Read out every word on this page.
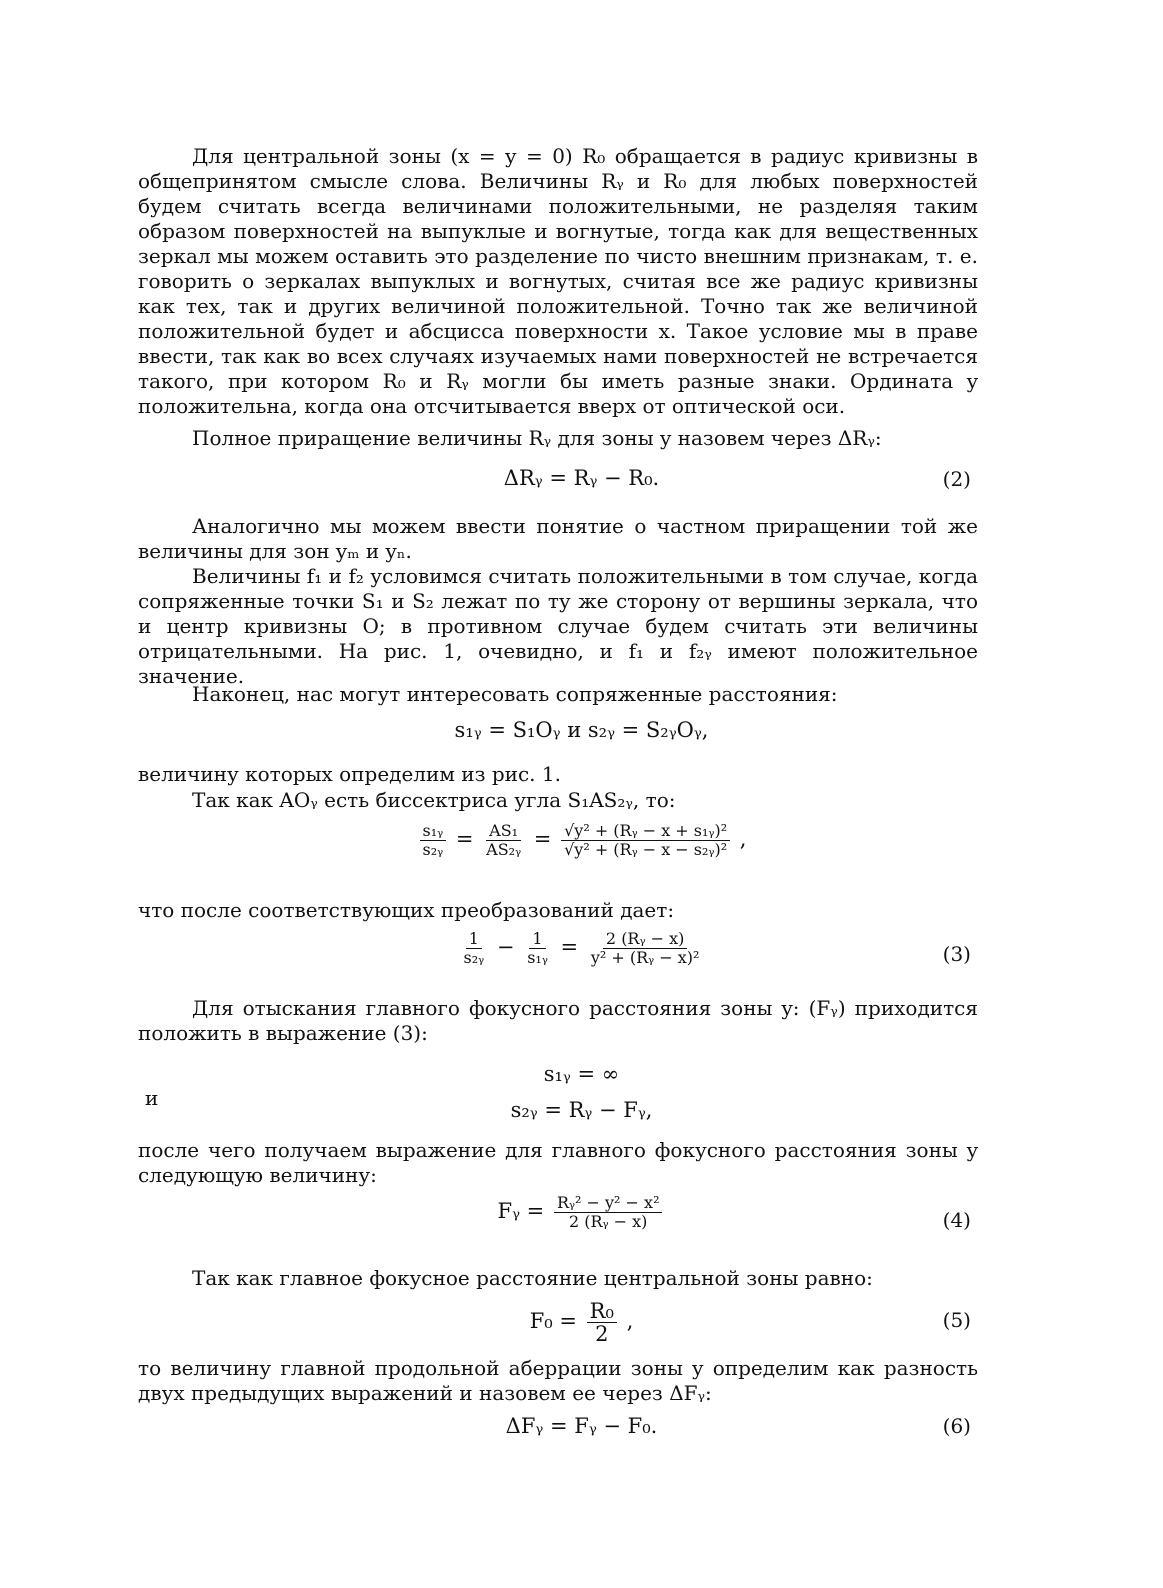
Для центральной зоны (x = y = 0) R₀ обращается в радиус кривизны в общепринятом смысле слова. Величины Rᵧ и R₀ для любых поверхностей будем считать всегда величинами положительными, не разделяя таким образом поверхностей на выпуклые и вогнутые, тогда как для вещественных зеркал мы можем оставить это разделение по чисто внешним признакам, т. е. говорить о зеркалах выпуклых и вогнутых, считая все же радиус кривизны как тех, так и других величиной положительной. Точно так же величиной положительной будет и абсцисса поверхности x. Такое условие мы в праве ввести, так как во всех случаях изучаемых нами поверхностей не встречается такого, при котором R₀ и Rᵧ могли бы иметь разные знаки. Ордината y положительна, когда она отсчитывается вверх от оптической оси.

Полное приращение величины Rᵧ для зоны y назовем через ΔRᵧ:

ΔRᵧ = Rᵧ − R₀.	(2)

Аналогично мы можем ввести понятие о частном приращении той же величины для зон yₘ и yₙ.

Величины f₁ и f₂ условимся считать положительными в том случае, когда сопряженные точки S₁ и S₂ лежат по ту же сторону от вершины зеркала, что и центр кривизны O; в противном случае будем считать эти величины отрицательными. На рис. 1, очевидно, и f₁ и f₂ᵧ имеют положительное значение.

Наконец, нас могут интересовать сопряженные расстояния:

s₁ᵧ = S₁Oᵧ и s₂ᵧ = S₂ᵧOᵧ,

величину которых определим из рис. 1.

Так как AOᵧ есть биссектриса угла S₁AS₂ᵧ, то:

$\frac{\text{s₁ᵧ}}{\text{s₂ᵧ}} = \frac{\text{AS₁}}{\text{AS₂ᵧ}} = \frac{\text{√y² + (Rᵧ − x + s₁ᵧ)²}}{\text{√y² + (Rᵧ − x − s₂ᵧ)²}}$ ,

что после соответствующих преобразований дает:

$\frac{1}{\text{s₂ᵧ}} - \frac{1}{\text{s₁ᵧ}} = \frac{\text{2 (Rᵧ − x)}}{\text{y² + (Rᵧ − x)²}}$	(3)

Для отыскания главного фокусного расстояния зоны y: (Fᵧ) приходится положить в выражение (3):

s₁ᵧ = ∞
и	s₂ᵧ = Rᵧ − Fᵧ,

после чего получаем выражение для главного фокусного расстояния зоны y следующую величину:

Fᵧ = $\frac{\text{Rᵧ² − y² − x²}}{\text{2 (Rᵧ − x)}}$	(4)

Так как главное фокусное расстояние центральной зоны равно:

$F_0 = \frac{\text{R₀}}{2}$ ,	(5)

то величину главной продольной аберрации зоны y определим как разность двух предыдущих выражений и назовем ее через ΔFᵧ:

ΔFᵧ = Fᵧ − F₀.	(6)
